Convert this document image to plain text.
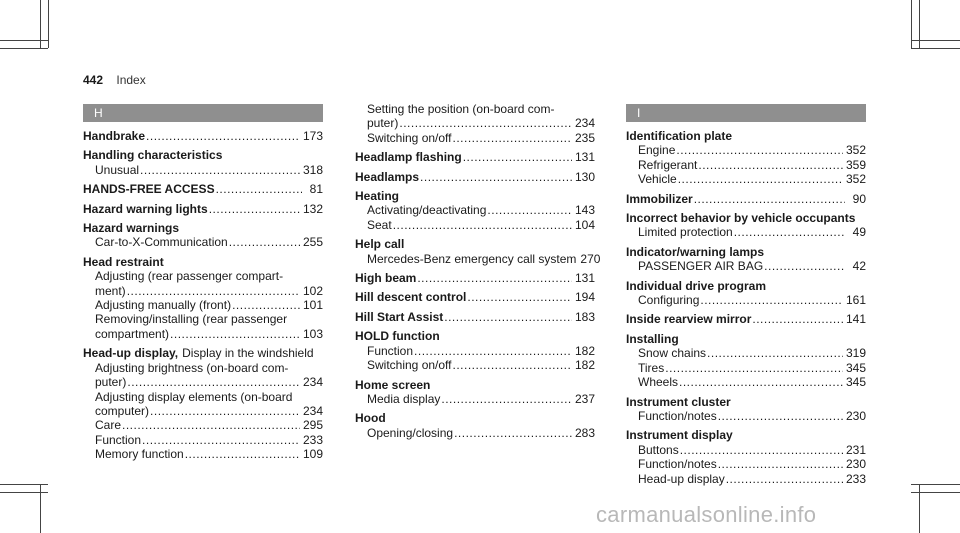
442 Index
H
Handbrake .....	173
Handling characteristics
Unusual .....	318
HANDS-FREE ACCESS .....	81
Hazard warning lights .....	132
Hazard warnings
Car-to-X-Communication .....	255
Head restraint
Adjusting (rear passenger compart-
ment) .....	102
Adjusting manually (front) .....	101
Removing/installing (rear passenger
compartment) .....	103
Head-up display, Display in the windshield
Adjusting brightness (on-board com-
puter) .....	234
Adjusting display elements (on-board
computer) .....	234
Care .....	295
Function .....	233
Memory function .....	109
Setting the position (on-board com-
puter) .....	234
Switching on/off .....	235
Headlamp flashing .....	131
Headlamps .....	130
Heating
Activating/deactivating .....	143
Seat .....	104
Help call
Mercedes-Benz emergency call system 270
High beam .....	131
Hill descent control .....	194
Hill Start Assist .....	183
HOLD function
Function .....	182
Switching on/off .....	182
Home screen
Media display .....	237
Hood
Opening/closing .....	283
I
Identification plate
Engine .....	352
Refrigerant .....	359
Vehicle .....	352
Immobilizer .....	90
Incorrect behavior by vehicle occupants
Limited protection .....	49
Indicator/warning lamps
PASSENGER AIR BAG .....	42
Individual drive program
Configuring .....	161
Inside rearview mirror .....	141
Installing
Snow chains .....	319
Tires .....	345
Wheels .....	345
Instrument cluster
Function/notes .....	230
Instrument display
Buttons .....	231
Function/notes .....	230
Head-up display .....	233
carmanualsonline.info
